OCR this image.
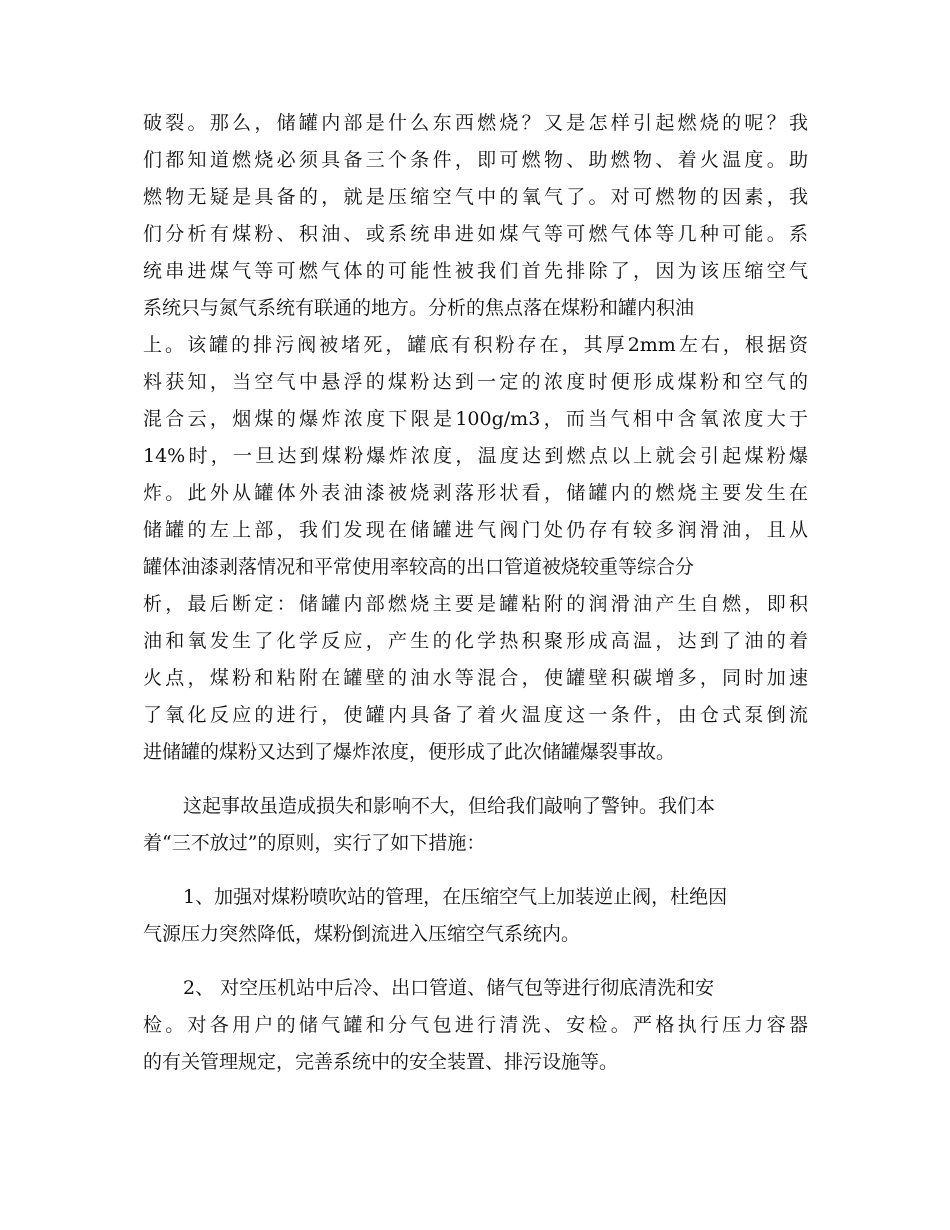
破裂。那么，储罐内部是什么东西燃烧？又是怎样引起燃烧的呢？我
们都知道燃烧必须具备三个条件，即可燃物、助燃物、着火温度。助
燃物无疑是具备的，就是压缩空气中的氧气了。对可燃物的因素，我
们分析有煤粉、积油、或系统串进如煤气等可燃气体等几种可能。系
统串进煤气等可燃气体的可能性被我们首先排除了，因为该压缩空气
系统只与氮气系统有联通的地方。分析的焦点落在煤粉和罐内积油
上。该罐的排污阀被堵死，罐底有积粉存在，其厚2mm左右，根据资
料获知，当空气中悬浮的煤粉达到一定的浓度时便形成煤粉和空气的
混合云，烟煤的爆炸浓度下限是100g/m3，而当气相中含氧浓度大于
14%时，一旦达到煤粉爆炸浓度，温度达到燃点以上就会引起煤粉爆
炸。此外从罐体外表油漆被烧剥落形状看，储罐内的燃烧主要发生在
储罐的左上部，我们发现在储罐进气阀门处仍存有较多润滑油，且从
罐体油漆剥落情况和平常使用率较高的出口管道被烧较重等综合分
析，最后断定：储罐内部燃烧主要是罐粘附的润滑油产生自燃，即积
油和氧发生了化学反应，产生的化学热积聚形成高温，达到了油的着
火点，煤粉和粘附在罐壁的油水等混合，使罐壁积碳增多，同时加速
了氧化反应的进行，使罐内具备了着火温度这一条件，由仓式泵倒流
进储罐的煤粉又达到了爆炸浓度，便形成了此次储罐爆裂事故。
这起事故虽造成损失和影响不大，但给我们敲响了警钟。我们本
着“三不放过”的原则，实行了如下措施：
1、加强对煤粉喷吹站的管理，在压缩空气上加装逆止阀，杜绝因
气源压力突然降低，煤粉倒流进入压缩空气系统内。
2、 对空压机站中后冷、出口管道、储气包等进行彻底清洗和安
检。对各用户的储气罐和分气包进行清洗、安检。严格执行压力容器
的有关管理规定，完善系统中的安全装置、排污设施等。
